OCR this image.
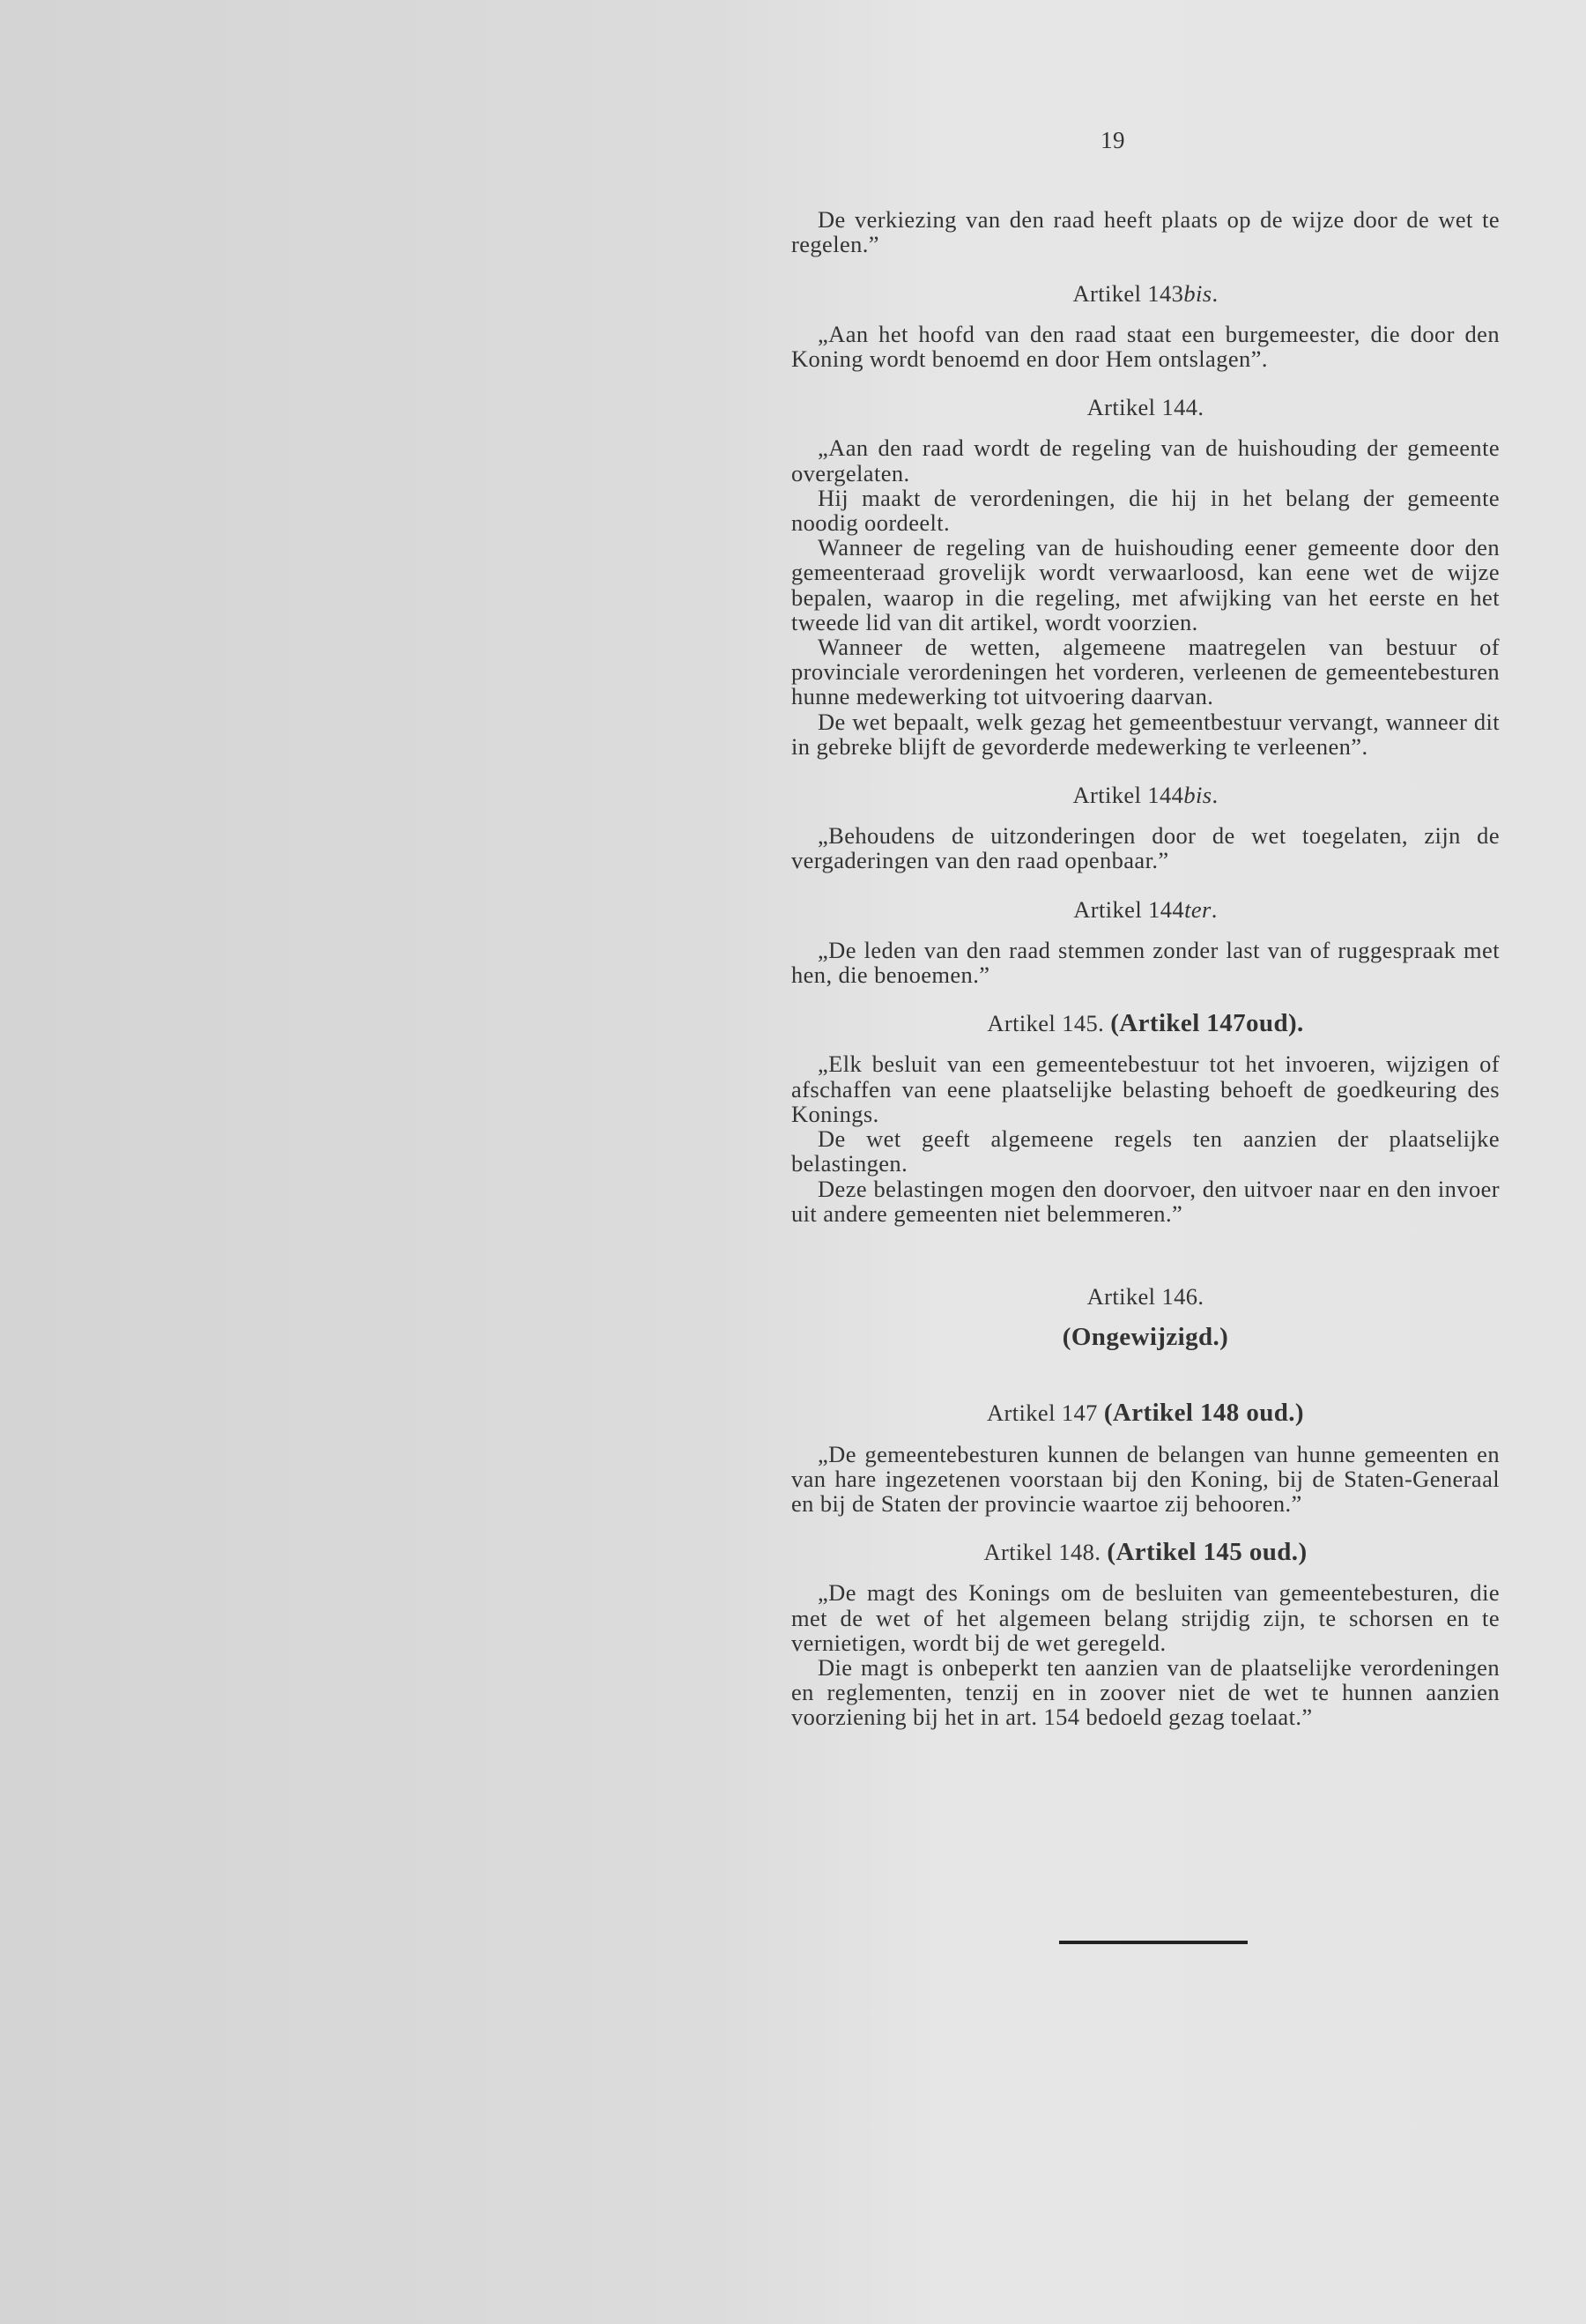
19

De verkiezing van den raad heeft plaats op de wijze door de wet te regelen.”

Artikel 143bis.

„Aan het hoofd van den raad staat een burgemeester, die door den Koning wordt benoemd en door Hem ontslagen”.

Artikel 144.

„Aan den raad wordt de regeling van de huishouding der gemeente overgelaten.

Hij maakt de verordeningen, die hij in het belang der gemeente noodig oordeelt.

Wanneer de regeling van de huishouding eener gemeente door den gemeenteraad grovelijk wordt verwaarloosd, kan eene wet de wijze bepalen, waarop in die regeling, met afwijking van het eerste en het tweede lid van dit artikel, wordt voorzien.

Wanneer de wetten, algemeene maatregelen van bestuur of provinciale verordeningen het vorderen, verleenen de gemeentebesturen hunne medewerking tot uitvoering daarvan.

De wet bepaalt, welk gezag het gemeentbestuur vervangt, wanneer dit in gebreke blijft de gevorderde medewerking te verleenen”.

Artikel 144bis.

„Behoudens de uitzonderingen door de wet toegelaten, zijn de vergaderingen van den raad openbaar.”

Artikel 144ter.

„De leden van den raad stemmen zonder last van of ruggespraak met hen, die benoemen.”

Artikel 145. (Artikel 147oud).

„Elk besluit van een gemeentebestuur tot het invoeren, wijzigen of afschaffen van eene plaatselijke belasting behoeft de goedkeuring des Konings.

De wet geeft algemeene regels ten aanzien der plaatselijke belastingen.

Deze belastingen mogen den doorvoer, den uitvoer naar en den invoer uit andere gemeenten niet belemmeren.”

Artikel 146.
(Ongewijzigd.)
Artikel 147 (Artikel 148 oud.)

„De gemeentebesturen kunnen de belangen van hunne gemeenten en van hare ingezetenen voorstaan bij den Koning, bij de Staten-Generaal en bij de Staten der provincie waartoe zij behooren.”

Artikel 148. (Artikel 145 oud.)

„De magt des Konings om de besluiten van gemeentebesturen, die met de wet of het algemeen belang strijdig zijn, te schorsen en te vernietigen, wordt bij de wet geregeld.

Die magt is onbeperkt ten aanzien van de plaatselijke verordeningen en reglementen, tenzij en in zoover niet de wet te hunnen aanzien voorziening bij het in art. 154 bedoeld gezag toelaat.”
